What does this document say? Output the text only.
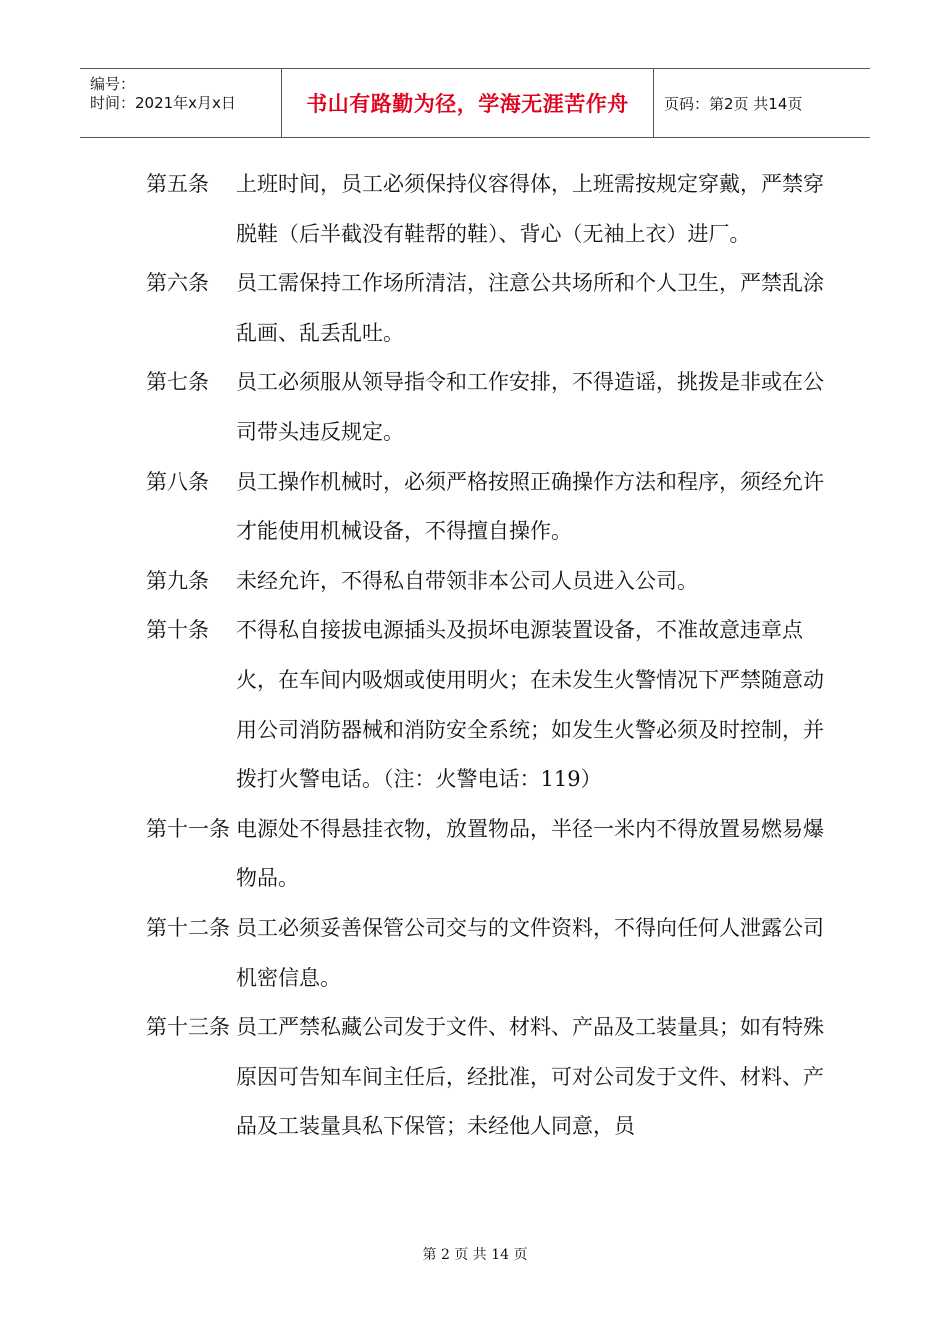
编号：
时间：2021年x月x日	书山有路勤为径，学海无涯苦作舟 页码：第2页 共14页
第五条 上班时间，员工必须保持仪容得体，上班需按规定穿戴，严禁穿脱鞋（后半截没有鞋帮的鞋）、背心（无袖上衣）进厂。
第六条 员工需保持工作场所清洁，注意公共场所和个人卫生，严禁乱涂乱画、乱丢乱吐。
第七条 员工必须服从领导指令和工作安排，不得造谣，挑拨是非或在公司带头违反规定。
第八条 员工操作机械时，必须严格按照正确操作方法和程序，须经允许才能使用机械设备，不得擅自操作。
第九条 未经允许，不得私自带领非本公司人员进入公司。
第十条 不得私自接拔电源插头及损坏电源装置设备，不准故意违章点火，在车间内吸烟或使用明火；在未发生火警情况下严禁随意动用公司消防器械和消防安全系统；如发生火警必须及时控制，并拨打火警电话。（注：火警电话：119）
第十一条 电源处不得悬挂衣物，放置物品，半径一米内不得放置易燃易爆物品。
第十二条 员工必须妥善保管公司交与的文件资料，不得向任何人泄露公司机密信息。
第十三条 员工严禁私藏公司发于文件、材料、产品及工装量具；如有特殊原因可告知车间主任后，经批准，可对公司发于文件、材料、产品及工装量具私下保管；未经他人同意，员
第 2 页 共 14 页
